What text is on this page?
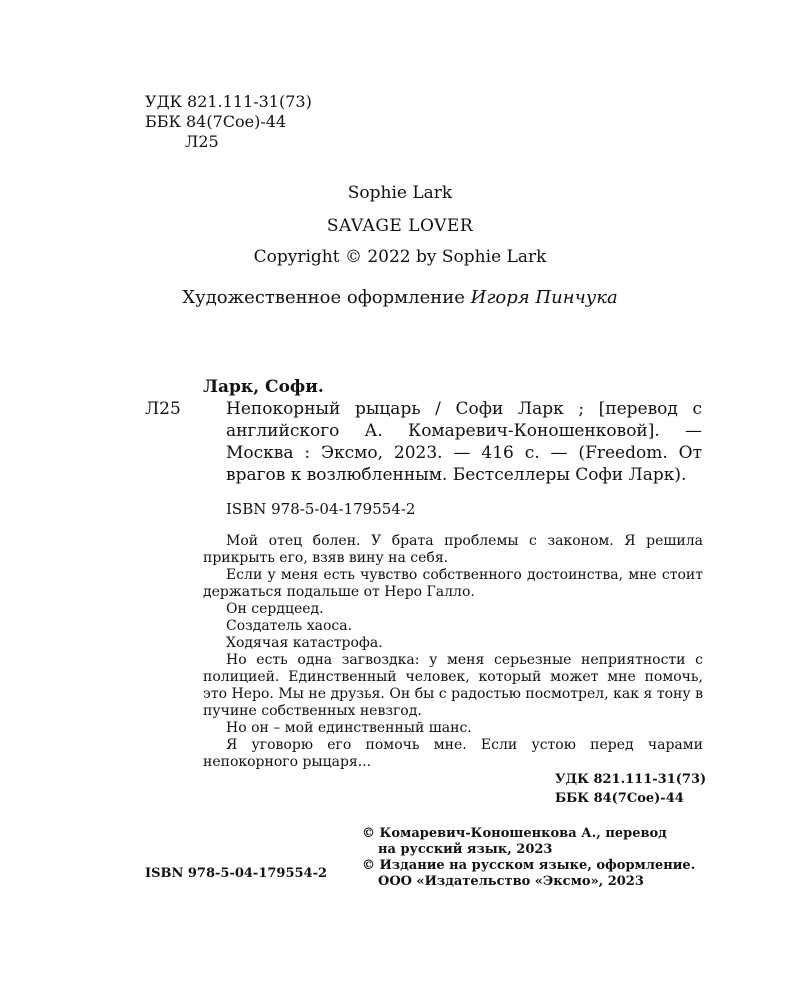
УДК 821.111-31(73)
ББК 84(7Сое)-44
Л25
Sophie Lark
SAVAGE LOVER
Copyright © 2022 by Sophie Lark
Художественное оформление Игоря Пинчука
Ларк, Софи.
Л25	Непокорный рыцарь / Софи Ларк ; [перевод с английского А. Комаревич-Коношенковой]. — Москва : Эксмо, 2023. — 416 с. — (Freedom. От врагов к возлюбленным. Бестселлеры Софи Ларк).
ISBN 978-5-04-179554-2

Мой отец болен. У брата проблемы с законом. Я решила прикрыть его, взяв вину на себя.

Если у меня есть чувство собственного достоинства, мне стоит держаться подальше от Неро Галло.

Он сердцеед.

Создатель хаоса.

Ходячая катастрофа.

Но есть одна загвоздка: у меня серьезные неприятности с полицией. Единственный человек, который может мне помочь, это Неро. Мы не друзья. Он бы с радостью посмотрел, как я тону в пучине собственных невзгод.

Но он – мой единственный шанс.

Я уговорю его помочь мне. Если устою перед чарами непокорного рыцаря...

УДК 821.111-31(73)
ББК 84(7Сое)-44
© Комаревич-Коношенкова А., перевод
на русский язык, 2023
© Издание на русском языке, оформление.
ООО «Издательство «Эксмо», 2023
ISBN 978-5-04-179554-2
